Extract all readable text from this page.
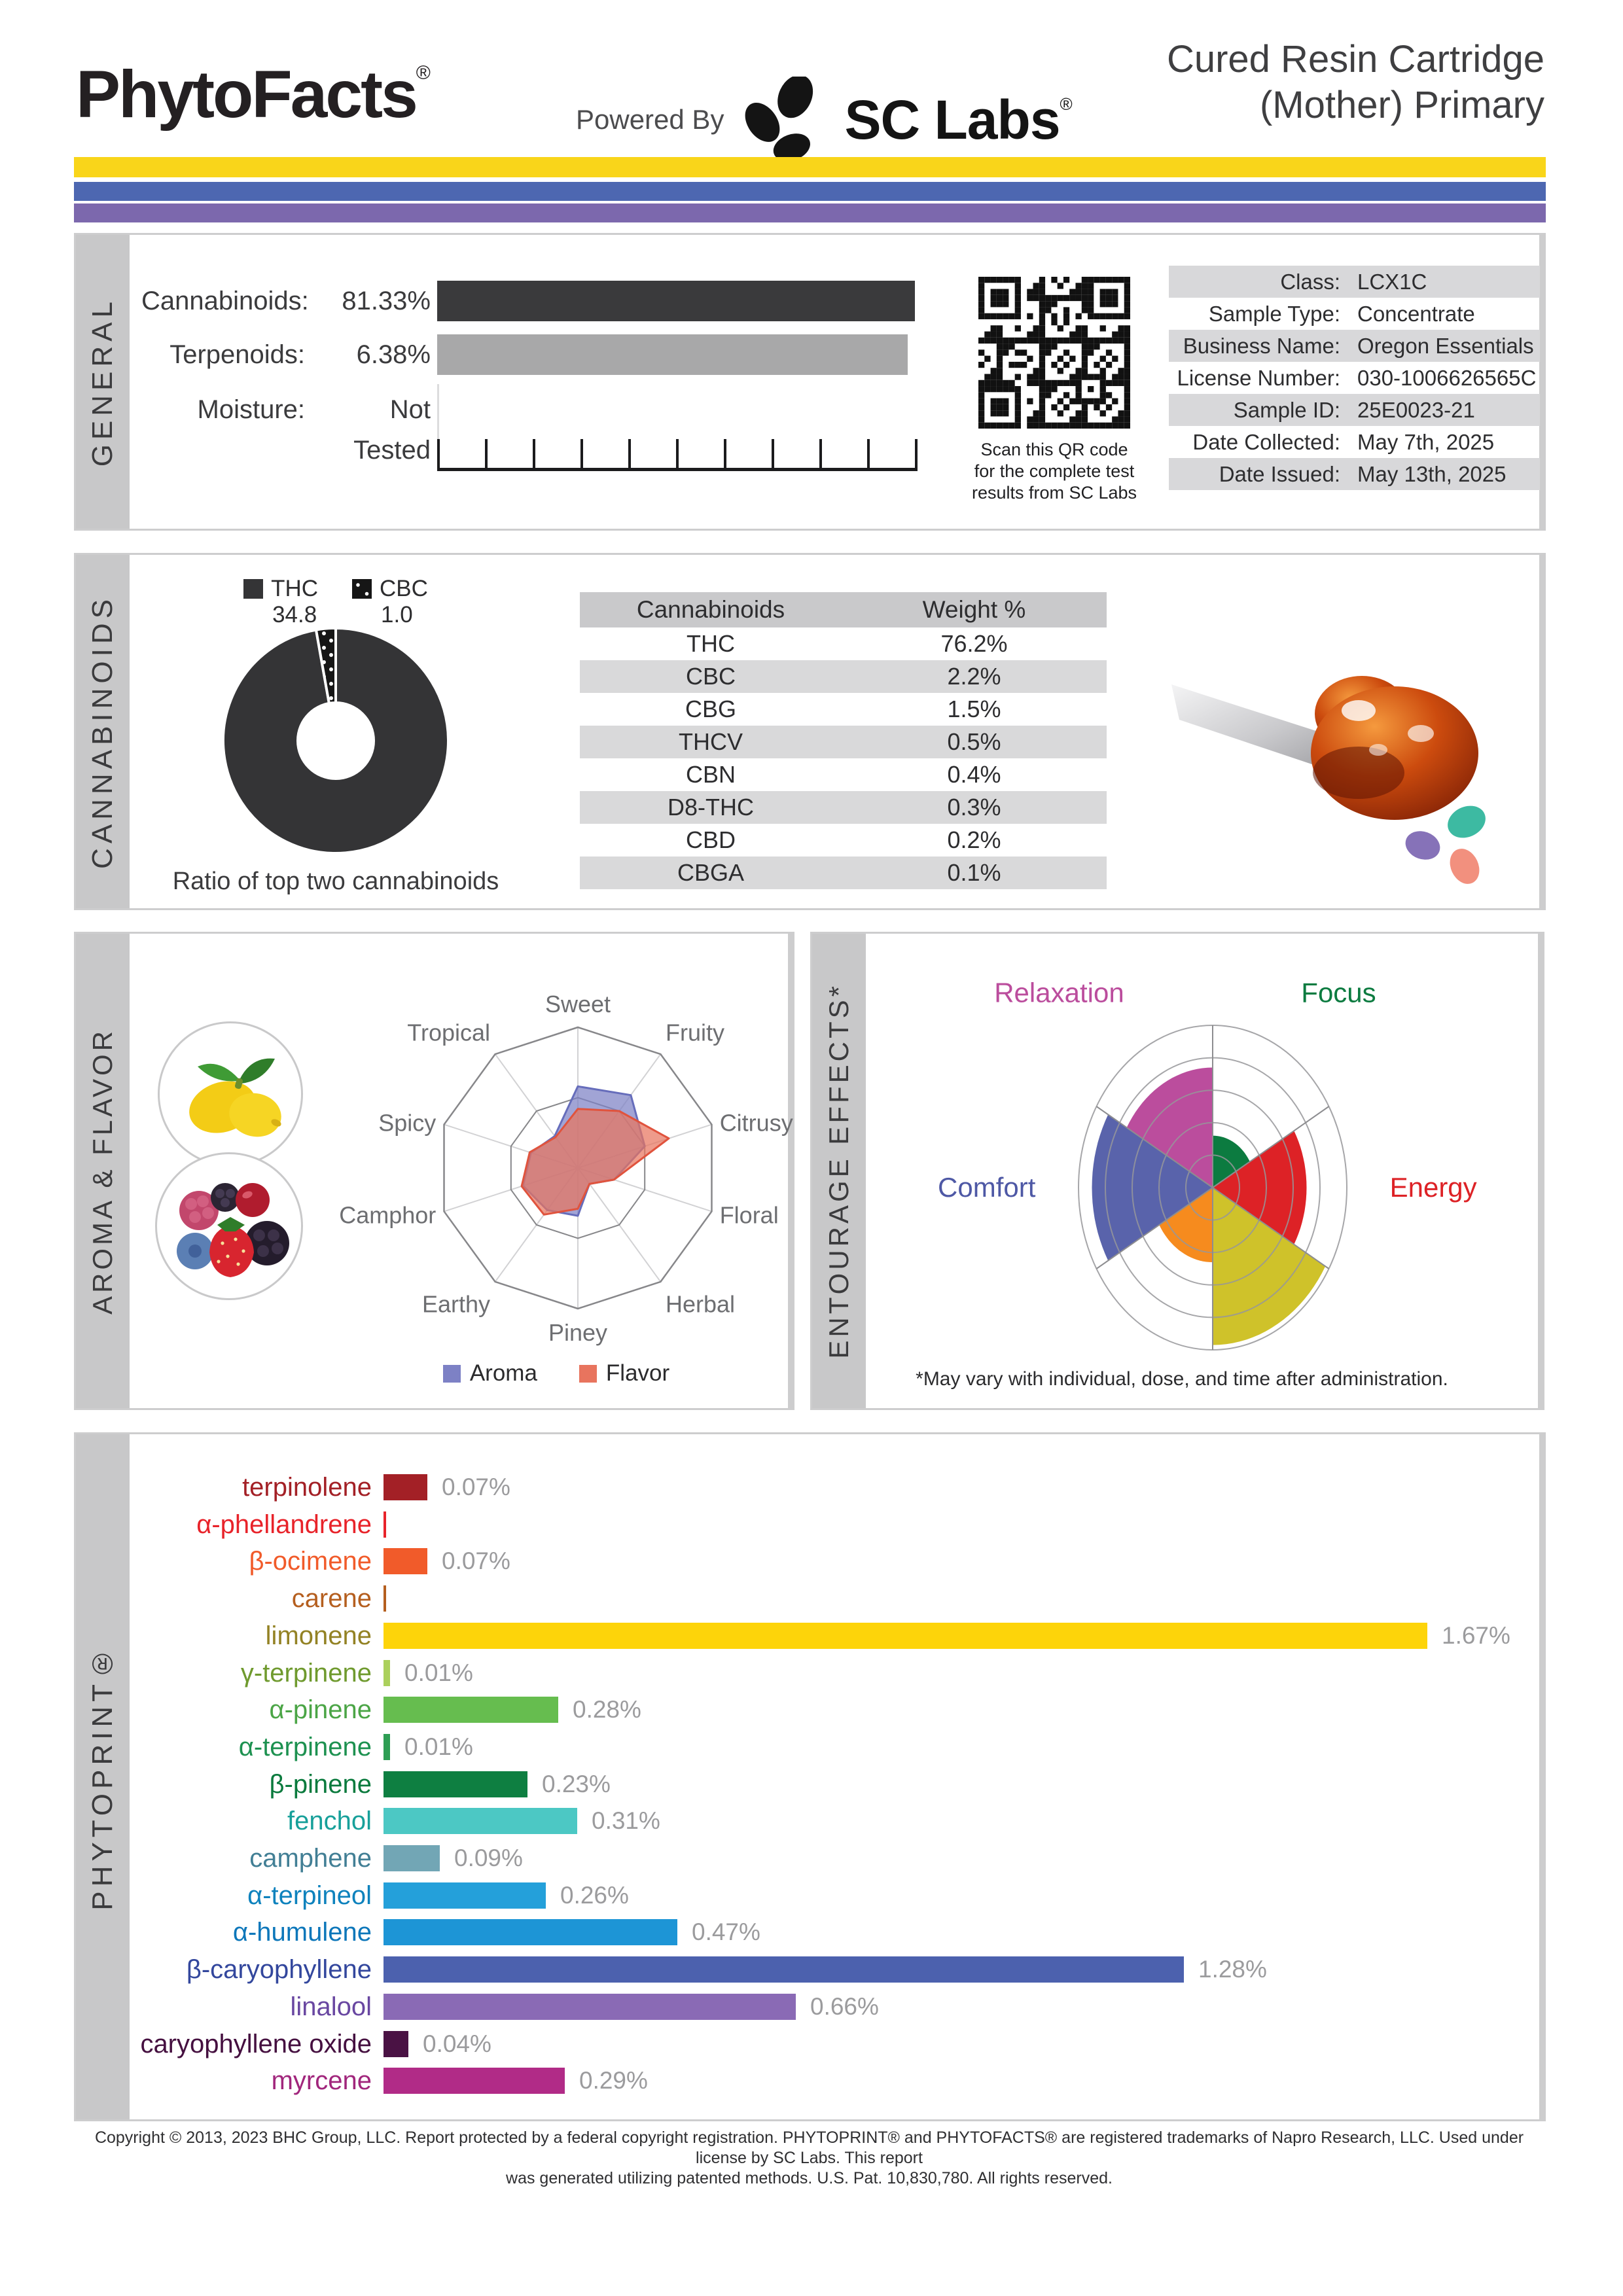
PhytoFacts®
Powered By SC Labs®
Cured Resin Cartridge
(Mother) Primary
GENERAL Cannabinoids:	81.33%
Terpenoids:	6.38%
Moisture:	Not Tested	Scan this QR code
for the complete test
results from SC Labs
Class: LCX1C
Sample Type: Concentrate
Business Name: Oregon Essentials
License Number: 030-1006626565C
Sample ID: 25E0023-21
Date Collected: May 7th, 2025
Date Issued: May 13th, 2025
CANNABINOIDS
THC
34.8
CBC
1.0
Ratio of top two cannabinoids
Cannabinoids	Weight %
THC	76.2%
CBC	2.2%
CBG	1.5%
THCV	0.5%
CBN	0.4%
D8-THC	0.3%
CBD	0.2%
CBGA	0.1%
AROMA & FLAVOR
Sweet
Fruity
Citrusy
Floral
Herbal
Piney
Earthy
Camphor
Spicy
Tropical
Aroma	Flavor
ENTOURAGE EFFECTS*	Focus
Energy
Comfort
Relaxation
*May vary with individual, dose, and time after administration.
PHYTOPRINT®
terpinolene	0.07%
α-phellandrene
β-ocimene	0.07%
carene
limonene	1.67%
γ-terpinene 0.01%
α-pinene	0.28%
α-terpinene 0.01%
β-pinene	0.23%
fenchol	0.31%
camphene	0.09%
α-terpineol	0.26%
α-humulene	0.47%
β-caryophyllene	1.28%
linalool	0.66%
caryophyllene oxide 0.04%
myrcene	0.29%
Copyright © 2013, 2023 BHC Group, LLC. Report protected by a federal copyright registration. PHYTOPRINT® and PHYTOFACTS® are registered trademarks of Napro Research, LLC. Used under license by SC Labs. This report
was generated utilizing patented methods. U.S. Pat. 10,830,780. All rights reserved.
